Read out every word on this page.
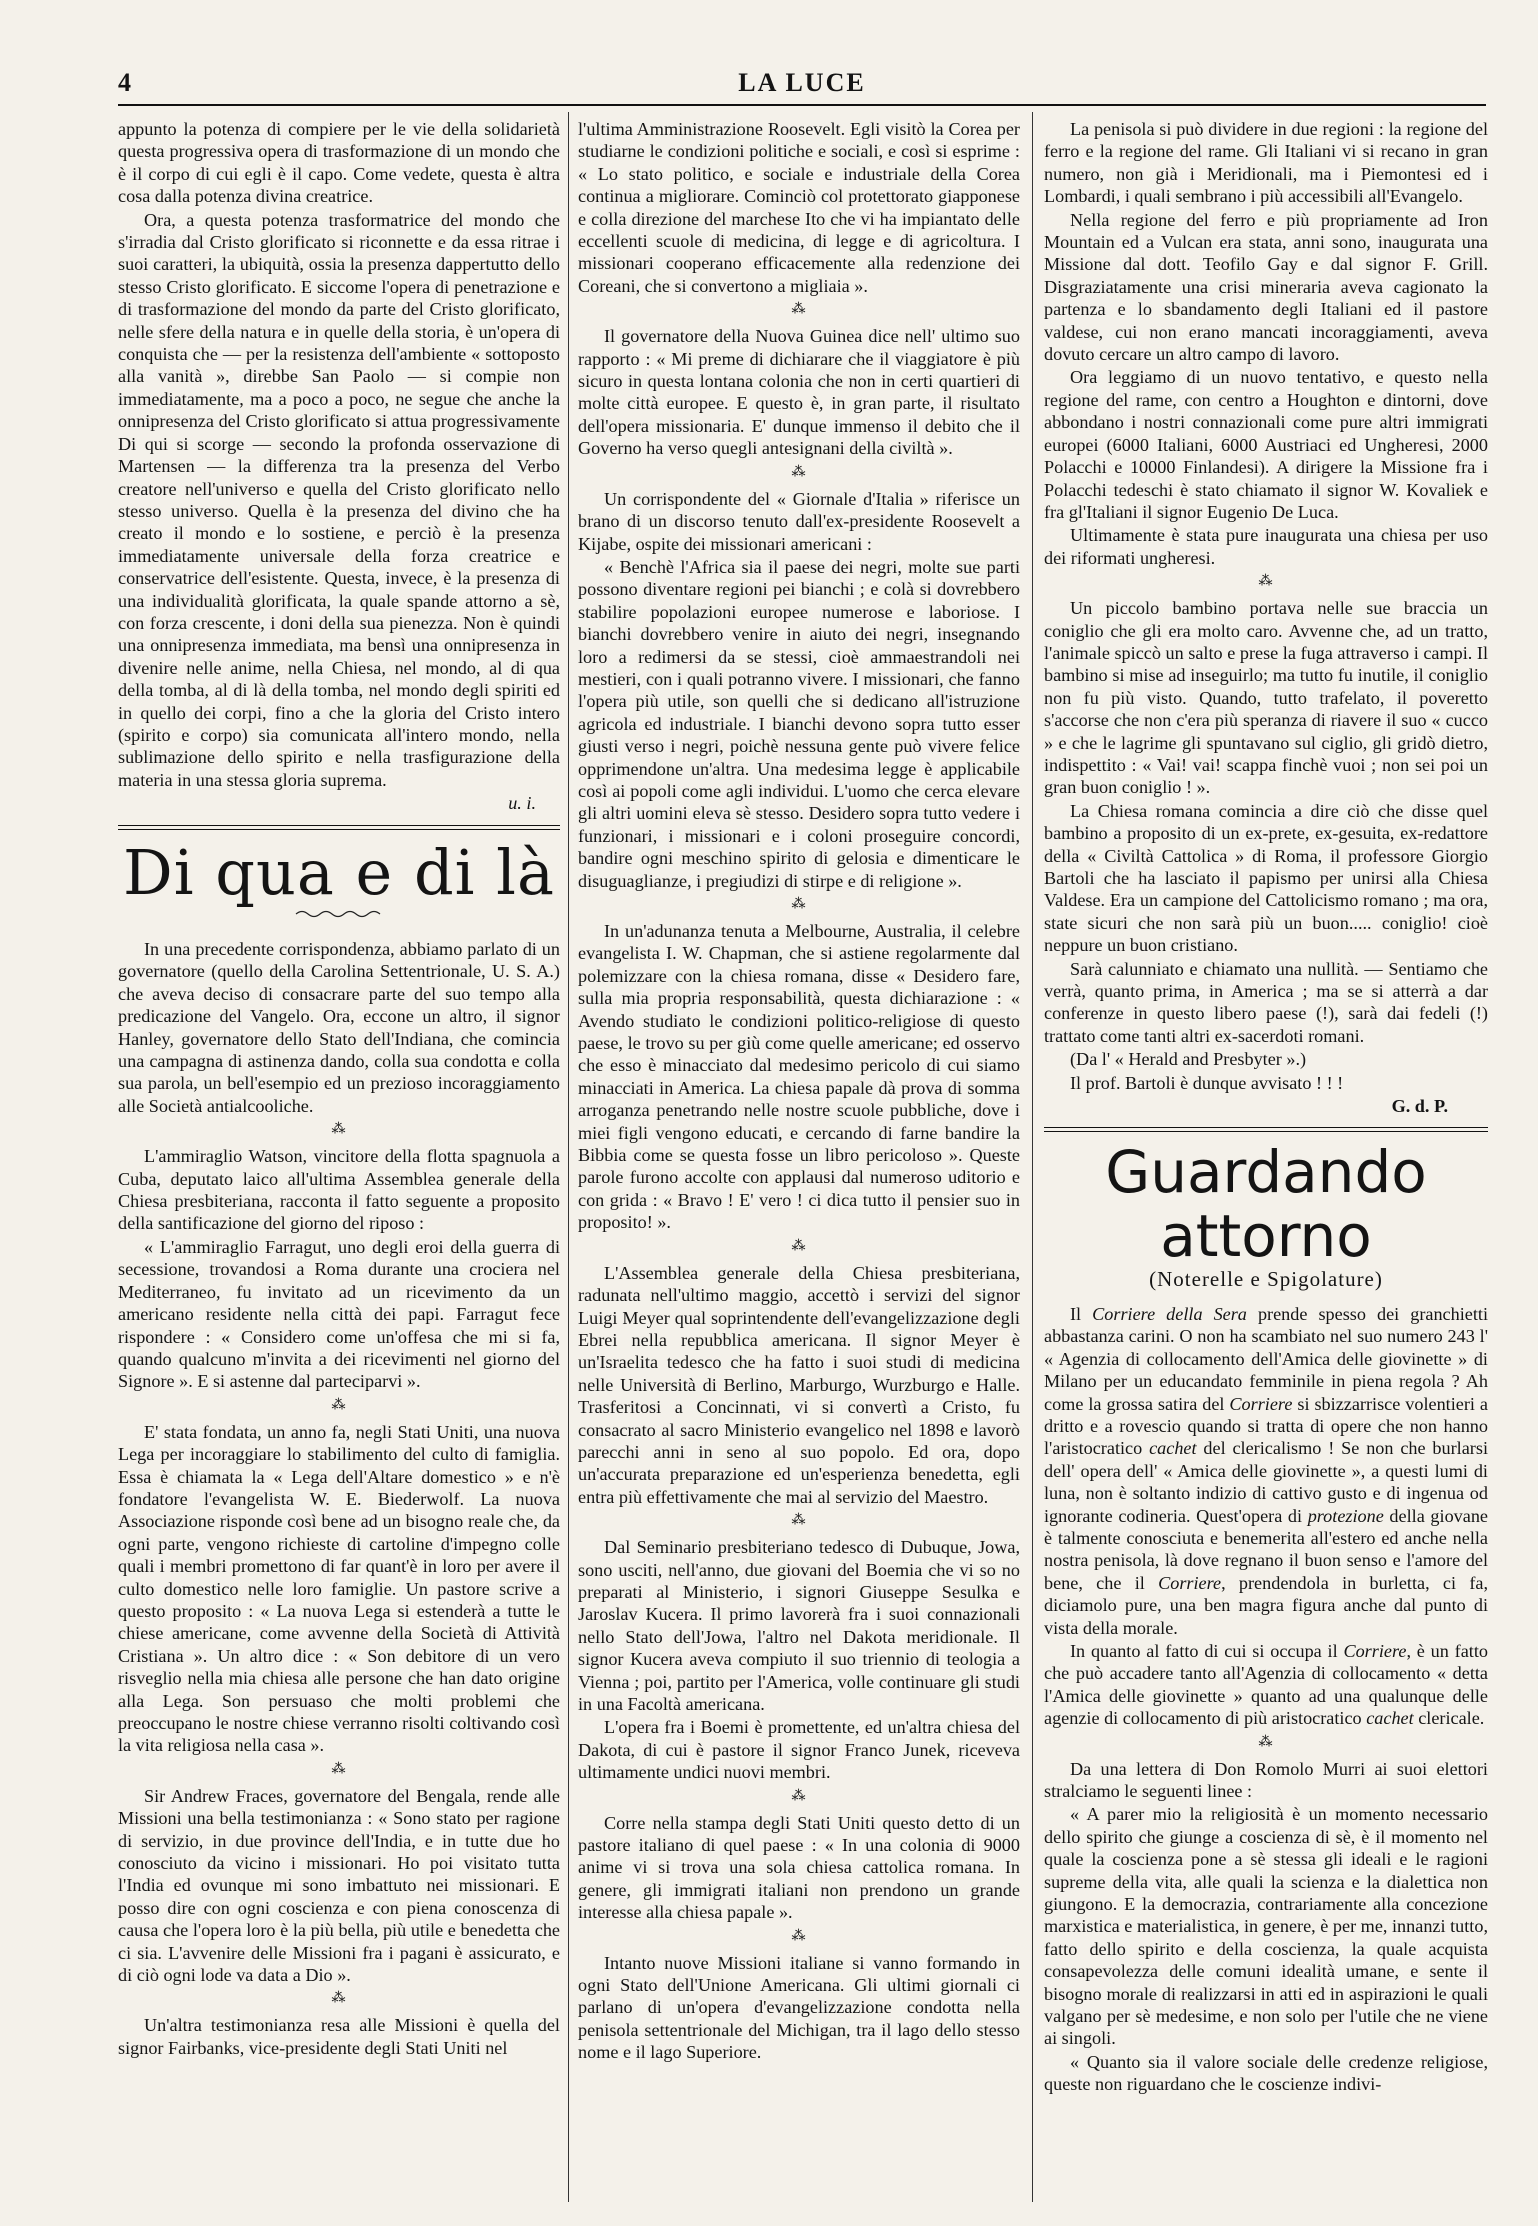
4	LA LUCE

appunto la potenza di compiere per le vie della solidarietà questa progressiva opera di trasformazione di un mondo che è il corpo di cui egli è il capo. Come vedete, questa è altra cosa dalla potenza divina creatrice.

Ora, a questa potenza trasformatrice del mondo che s'irradia dal Cristo glorificato si riconnette e da essa ritrae i suoi caratteri, la ubiquità, ossia la presenza dappertutto dello stesso Cristo glorificato. E siccome l'opera di penetrazione e di trasformazione del mondo da parte del Cristo glorificato, nelle sfere della natura e in quelle della storia, è un'opera di conquista che — per la resistenza dell'ambiente « sottoposto alla vanità », direbbe San Paolo — si compie non immediatamente, ma a poco a poco, ne segue che anche la onnipresenza del Cristo glorificato si attua progressivamente Di qui si scorge — secondo la profonda osservazione di Martensen — la differenza tra la presenza del Verbo creatore nell'universo e quella del Cristo glorificato nello stesso universo. Quella è la presenza del divino che ha creato il mondo e lo sostiene, e perciò è la presenza immediatamente universale della forza creatrice e conservatrice dell'esistente. Questa, invece, è la presenza di una individualità glorificata, la quale spande attorno a sè, con forza crescente, i doni della sua pienezza. Non è quindi una onnipresenza immediata, ma bensì una onnipresenza in divenire nelle anime, nella Chiesa, nel mondo, al di qua della tomba, al di là della tomba, nel mondo degli spiriti ed in quello dei corpi, fino a che la gloria del Cristo intero (spirito e corpo) sia comunicata all'intero mondo, nella sublimazione dello spirito e nella trasfigurazione della materia in una stessa gloria suprema.

u. i.
Di qua e di là

In una precedente corrispondenza, abbiamo parlato di un governatore (quello della Carolina Settentrionale, U. S. A.) che aveva deciso di consacrare parte del suo tempo alla predicazione del Vangelo. Ora, eccone un altro, il signor Hanley, governatore dello Stato dell'Indiana, che comincia una campagna di astinenza dando, colla sua condotta e colla sua parola, un bell'esempio ed un prezioso incoraggiamento alle Società antialcooliche.

⁂

L'ammiraglio Watson, vincitore della flotta spagnuola a Cuba, deputato laico all'ultima Assemblea generale della Chiesa presbiteriana, racconta il fatto seguente a proposito della santificazione del giorno del riposo :

« L'ammiraglio Farragut, uno degli eroi della guerra di secessione, trovandosi a Roma durante una crociera nel Mediterraneo, fu invitato ad un ricevimento da un americano residente nella città dei papi. Farragut fece rispondere : « Considero come un'offesa che mi si fa, quando qualcuno m'invita a dei ricevimenti nel giorno del Signore ». E si astenne dal parteciparvi ».

⁂

E' stata fondata, un anno fa, negli Stati Uniti, una nuova Lega per incoraggiare lo stabilimento del culto di famiglia. Essa è chiamata la « Lega dell'Altare domestico » e n'è fondatore l'evangelista W. E. Biederwolf. La nuova Associazione risponde così bene ad un bisogno reale che, da ogni parte, vengono richieste di cartoline d'impegno colle quali i membri promettono di far quant'è in loro per avere il culto domestico nelle loro famiglie. Un pastore scrive a questo proposito : « La nuova Lega si estenderà a tutte le chiese americane, come avvenne della Società di Attività Cristiana ». Un altro dice : « Son debitore di un vero risveglio nella mia chiesa alle persone che han dato origine alla Lega. Son persuaso che molti problemi che preoccupano le nostre chiese verranno risolti coltivando così la vita religiosa nella casa ».

⁂

Sir Andrew Fraces, governatore del Bengala, rende alle Missioni una bella testimonianza : « Sono stato per ragione di servizio, in due province dell'India, e in tutte due ho conosciuto da vicino i missionari. Ho poi visitato tutta l'India ed ovunque mi sono imbattuto nei missionari. E posso dire con ogni coscienza e con piena conoscenza di causa che l'opera loro è la più bella, più utile e benedetta che ci sia. L'avvenire delle Missioni fra i pagani è assicurato, e di ciò ogni lode va data a Dio ».

⁂

Un'altra testimonianza resa alle Missioni è quella del signor Fairbanks, vice-presidente degli Stati Uniti nel

l'ultima Amministrazione Roosevelt. Egli visitò la Corea per studiarne le condizioni politiche e sociali, e così si esprime : « Lo stato politico, e sociale e industriale della Corea continua a migliorare. Cominciò col protettorato giapponese e colla direzione del marchese Ito che vi ha impiantato delle eccellenti scuole di medicina, di legge e di agricoltura. I missionari cooperano efficacemente alla redenzione dei Coreani, che si convertono a migliaia ».

⁂

Il governatore della Nuova Guinea dice nell' ultimo suo rapporto : « Mi preme di dichiarare che il viaggiatore è più sicuro in questa lontana colonia che non in certi quartieri di molte città europee. E questo è, in gran parte, il risultato dell'opera missionaria. E' dunque immenso il debito che il Governo ha verso quegli antesignani della civiltà ».

⁂

Un corrispondente del « Giornale d'Italia » riferisce un brano di un discorso tenuto dall'ex-presidente Roosevelt a Kijabe, ospite dei missionari americani :

« Benchè l'Africa sia il paese dei negri, molte sue parti possono diventare regioni pei bianchi ; e colà si dovrebbero stabilire popolazioni europee numerose e laboriose. I bianchi dovrebbero venire in aiuto dei negri, insegnando loro a redimersi da se stessi, cioè ammaestrandoli nei mestieri, con i quali potranno vivere. I missionari, che fanno l'opera più utile, son quelli che si dedicano all'istruzione agricola ed industriale. I bianchi devono sopra tutto esser giusti verso i negri, poichè nessuna gente può vivere felice opprimendone un'altra. Una medesima legge è applicabile così ai popoli come agli individui. L'uomo che cerca elevare gli altri uomini eleva sè stesso. Desidero sopra tutto vedere i funzionari, i missionari e i coloni proseguire concordi, bandire ogni meschino spirito di gelosia e dimenticare le disuguaglianze, i pregiudizi di stirpe e di religione ».

⁂

In un'adunanza tenuta a Melbourne, Australia, il celebre evangelista I. W. Chapman, che si astiene regolarmente dal polemizzare con la chiesa romana, disse « Desidero fare, sulla mia propria responsabilità, questa dichiarazione : « Avendo studiato le condizioni politico-religiose di questo paese, le trovo su per giù come quelle americane; ed osservo che esso è minacciato dal medesimo pericolo di cui siamo minacciati in America. La chiesa papale dà prova di somma arroganza penetrando nelle nostre scuole pubbliche, dove i miei figli vengono educati, e cercando di farne bandire la Bibbia come se questa fosse un libro pericoloso ». Queste parole furono accolte con applausi dal numeroso uditorio e con grida : « Bravo ! E' vero ! ci dica tutto il pensier suo in proposito! ».

⁂

L'Assemblea generale della Chiesa presbiteriana, radunata nell'ultimo maggio, accettò i servizi del signor Luigi Meyer qual soprintendente dell'evangelizzazione degli Ebrei nella repubblica americana. Il signor Meyer è un'Israelita tedesco che ha fatto i suoi studi di medicina nelle Università di Berlino, Marburgo, Wurzburgo e Halle. Trasferitosi a Concinnati, vi si convertì a Cristo, fu consacrato al sacro Ministerio evangelico nel 1898 e lavorò parecchi anni in seno al suo popolo. Ed ora, dopo un'accurata preparazione ed un'esperienza benedetta, egli entra più effettivamente che mai al servizio del Maestro.

⁂

Dal Seminario presbiteriano tedesco di Dubuque, Jowa, sono usciti, nell'anno, due giovani del Boemia che vi so no preparati al Ministerio, i signori Giuseppe Sesulka e Jaroslav Kucera. Il primo lavorerà fra i suoi connazionali nello Stato dell'Jowa, l'altro nel Dakota meridionale. Il signor Kucera aveva compiuto il suo triennio di teologia a Vienna ; poi, partito per l'America, volle continuare gli studi in una Facoltà americana.

L'opera fra i Boemi è promettente, ed un'altra chiesa del Dakota, di cui è pastore il signor Franco Junek, riceveva ultimamente undici nuovi membri.

⁂

Corre nella stampa degli Stati Uniti questo detto di un pastore italiano di quel paese : « In una colonia di 9000 anime vi si trova una sola chiesa cattolica romana. In genere, gli immigrati italiani non prendono un grande interesse alla chiesa papale ».

⁂

Intanto nuove Missioni italiane si vanno formando in ogni Stato dell'Unione Americana. Gli ultimi giornali ci parlano di un'opera d'evangelizzazione condotta nella penisola settentrionale del Michigan, tra il lago dello stesso nome e il lago Superiore.

La penisola si può dividere in due regioni : la regione del ferro e la regione del rame. Gli Italiani vi si recano in gran numero, non già i Meridionali, ma i Piemontesi ed i Lombardi, i quali sembrano i più accessibili all'Evangelo.

Nella regione del ferro e più propriamente ad Iron Mountain ed a Vulcan era stata, anni sono, inaugurata una Missione dal dott. Teofilo Gay e dal signor F. Grill. Disgraziatamente una crisi mineraria aveva cagionato la partenza e lo sbandamento degli Italiani ed il pastore valdese, cui non erano mancati incoraggiamenti, aveva dovuto cercare un altro campo di lavoro.

Ora leggiamo di un nuovo tentativo, e questo nella regione del rame, con centro a Houghton e dintorni, dove abbondano i nostri connazionali come pure altri immigrati europei (6000 Italiani, 6000 Austriaci ed Ungheresi, 2000 Polacchi e 10000 Finlandesi). A dirigere la Missione fra i Polacchi tedeschi è stato chiamato il signor W. Kovaliek e fra gl'Italiani il signor Eugenio De Luca.

Ultimamente è stata pure inaugurata una chiesa per uso dei riformati ungheresi.

⁂

Un piccolo bambino portava nelle sue braccia un coniglio che gli era molto caro. Avvenne che, ad un tratto, l'animale spiccò un salto e prese la fuga attraverso i campi. Il bambino si mise ad inseguirlo; ma tutto fu inutile, il coniglio non fu più visto. Quando, tutto trafelato, il poveretto s'accorse che non c'era più speranza di riavere il suo « cucco » e che le lagrime gli spuntavano sul ciglio, gli gridò dietro, indispettito : « Vai! vai! scappa finchè vuoi ; non sei poi un gran buon coniglio ! ».

La Chiesa romana comincia a dire ciò che disse quel bambino a proposito di un ex-prete, ex-gesuita, ex-redattore della « Civiltà Cattolica » di Roma, il professore Giorgio Bartoli che ha lasciato il papismo per unirsi alla Chiesa Valdese. Era un campione del Cattolicismo romano ; ma ora, state sicuri che non sarà più un buon..... coniglio! cioè neppure un buon cristiano.

Sarà calunniato e chiamato una nullità. — Sentiamo che verrà, quanto prima, in America ; ma se si atterrà a dar conferenze in questo libero paese (!), sarà dai fedeli (!) trattato come tanti altri ex-sacerdoti romani.

(Da l' « Herald and Presbyter ».)

Il prof. Bartoli è dunque avvisato ! ! !

G. d. P.
Guardando attorno
(Noterelle e Spigolature)

Il Corriere della Sera prende spesso dei granchietti abbastanza carini. O non ha scambiato nel suo numero 243 l' « Agenzia di collocamento dell'Amica delle giovinette » di Milano per un educandato femminile in piena regola ? Ah come la grossa satira del Corriere si sbizzarrisce volentieri a dritto e a rovescio quando si tratta di opere che non hanno l'aristocratico cachet del clericalismo ! Se non che burlarsi dell' opera dell' « Amica delle giovinette », a questi lumi di luna, non è soltanto indizio di cattivo gusto e di ingenua od ignorante codineria. Quest'opera di protezione della giovane è talmente conosciuta e benemerita all'estero ed anche nella nostra penisola, là dove regnano il buon senso e l'amore del bene, che il Corriere, prendendola in burletta, ci fa, diciamolo pure, una ben magra figura anche dal punto di vista della morale.

In quanto al fatto di cui si occupa il Corriere, è un fatto che può accadere tanto all'Agenzia di collocamento « detta l'Amica delle giovinette » quanto ad una qualunque delle agenzie di collocamento di più aristocratico cachet clericale.

⁂

Da una lettera di Don Romolo Murri ai suoi elettori stralciamo le seguenti linee :

« A parer mio la religiosità è un momento necessario dello spirito che giunge a coscienza di sè, è il momento nel quale la coscienza pone a sè stessa gli ideali e le ragioni supreme della vita, alle quali la scienza e la dialettica non giungono. E la democrazia, contrariamente alla concezione marxistica e materialistica, in genere, è per me, innanzi tutto, fatto dello spirito e della coscienza, la quale acquista consapevolezza delle comuni idealità umane, e sente il bisogno morale di realizzarsi in atti ed in aspirazioni le quali valgano per sè medesime, e non solo per l'utile che ne viene ai singoli.

« Quanto sia il valore sociale delle credenze religiose, queste non riguardano che le coscienze indivi-
